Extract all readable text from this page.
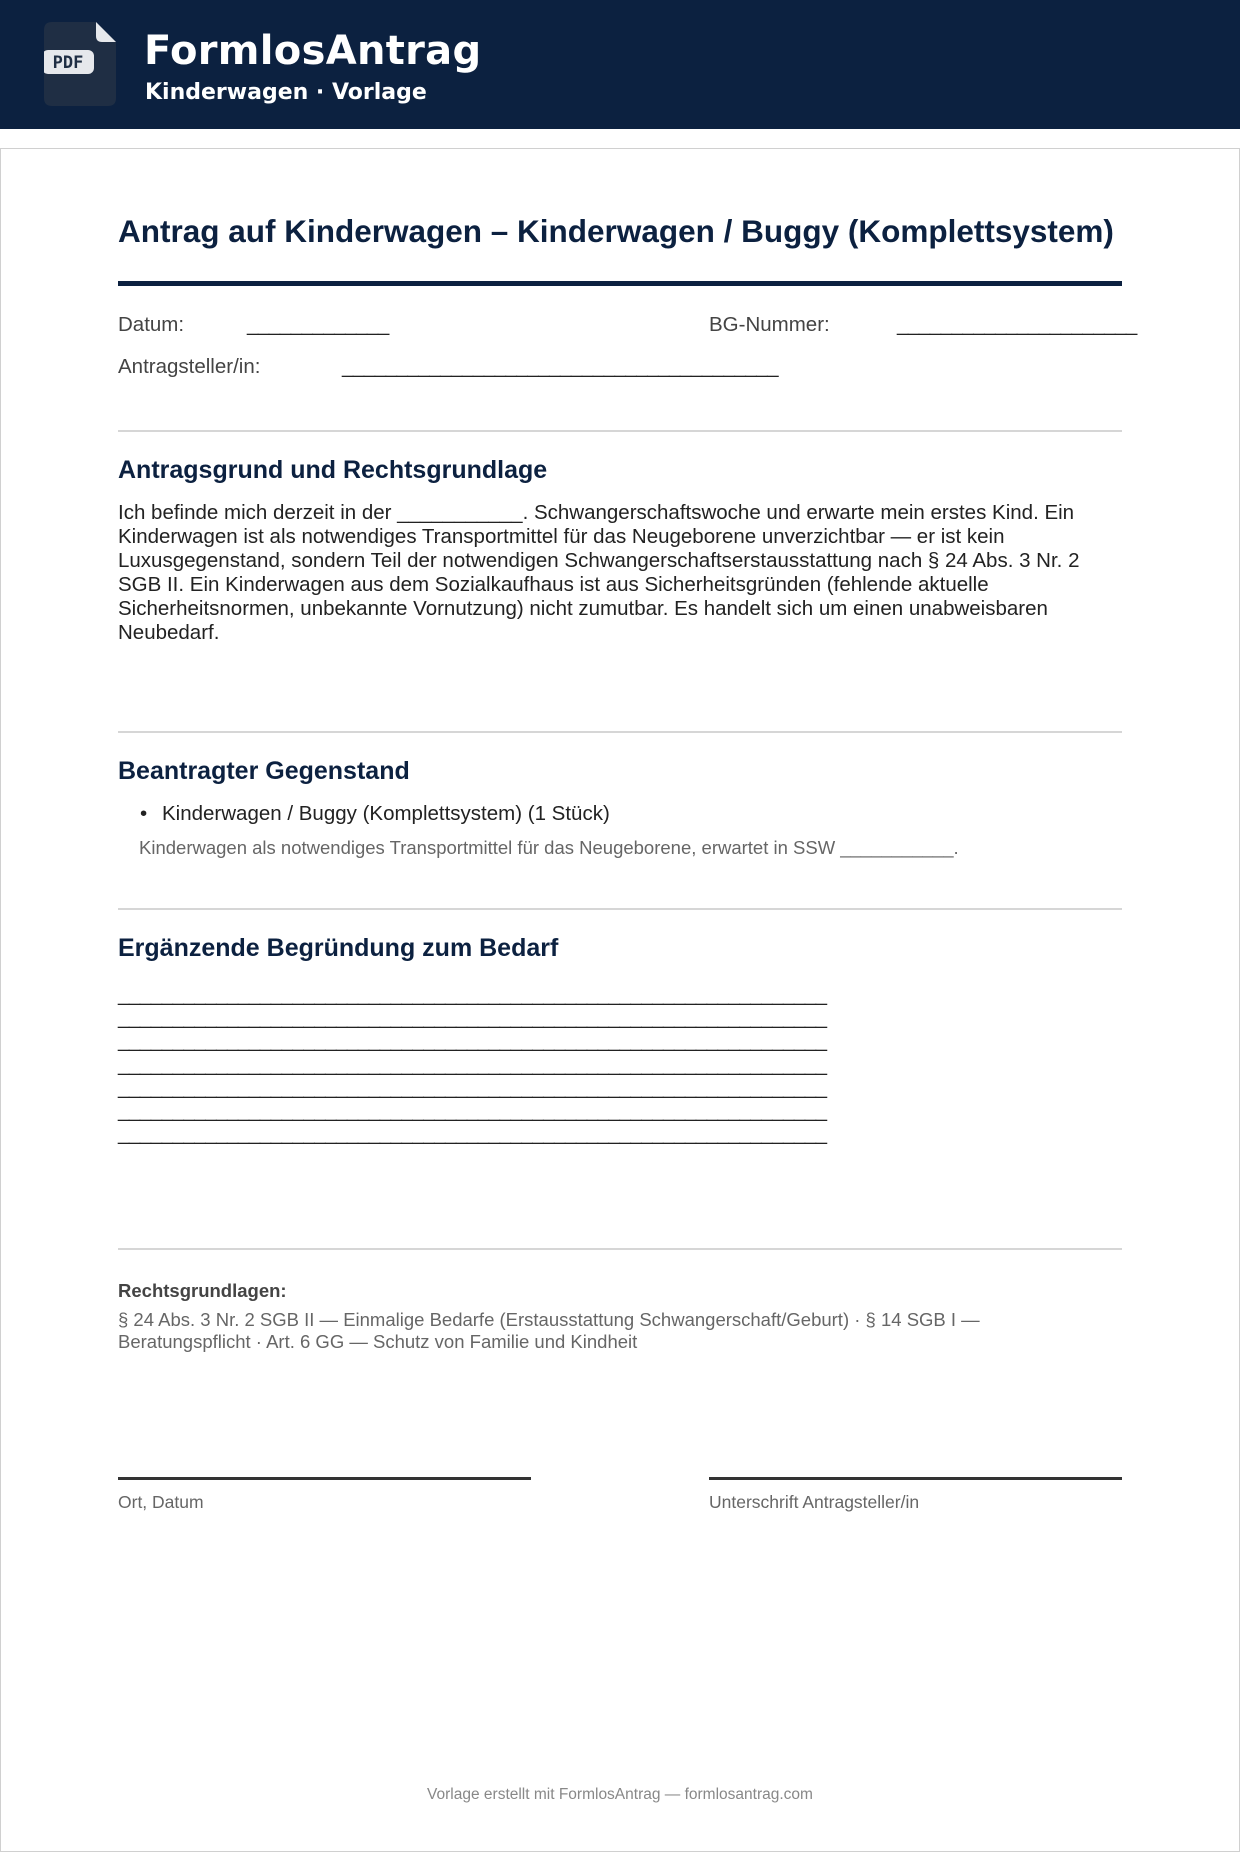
PDF FormlosAntrag
Kinderwagen · Vorlage
Antrag auf Kinderwagen – Kinderwagen / Buggy (Komplettsystem)
Datum:	_____________	BG-Nummer:	______________________
Antragsteller/in:	________________________________________
Antragsgrund und Rechtsgrundlage
Ich befinde mich derzeit in der ___________. Schwangerschaftswoche und erwarte mein erstes Kind. Ein Kinderwagen ist als notwendiges Transportmittel für das Neugeborene unverzichtbar — er ist kein Luxusgegenstand, sondern Teil der notwendigen Schwangerschaftserstausstattung nach § 24 Abs. 3 Nr. 2 SGB II. Ein Kinderwagen aus dem Sozialkaufhaus ist aus Sicherheitsgründen (fehlende aktuelle Sicherheitsnormen, unbekannte Vornutzung) nicht zumutbar. Es handelt sich um einen unabweisbaren Neubedarf.
Beantragter Gegenstand
• Kinderwagen / Buggy (Komplettsystem) (1 Stück)
Kinderwagen als notwendiges Transportmittel für das Neugeborene, erwartet in SSW ___________.
Ergänzende Begründung zum Bedarf
_________________________________________________________________
_________________________________________________________________
_________________________________________________________________
_________________________________________________________________
_________________________________________________________________
_________________________________________________________________
_________________________________________________________________
Rechtsgrundlagen:
§ 24 Abs. 3 Nr. 2 SGB II — Einmalige Bedarfe (Erstausstattung Schwangerschaft/Geburt) · § 14 SGB I — Beratungspflicht · Art. 6 GG — Schutz von Familie und Kindheit
Ort, Datum	Unterschrift Antragsteller/in
Vorlage erstellt mit FormlosAntrag — formlosantrag.com
